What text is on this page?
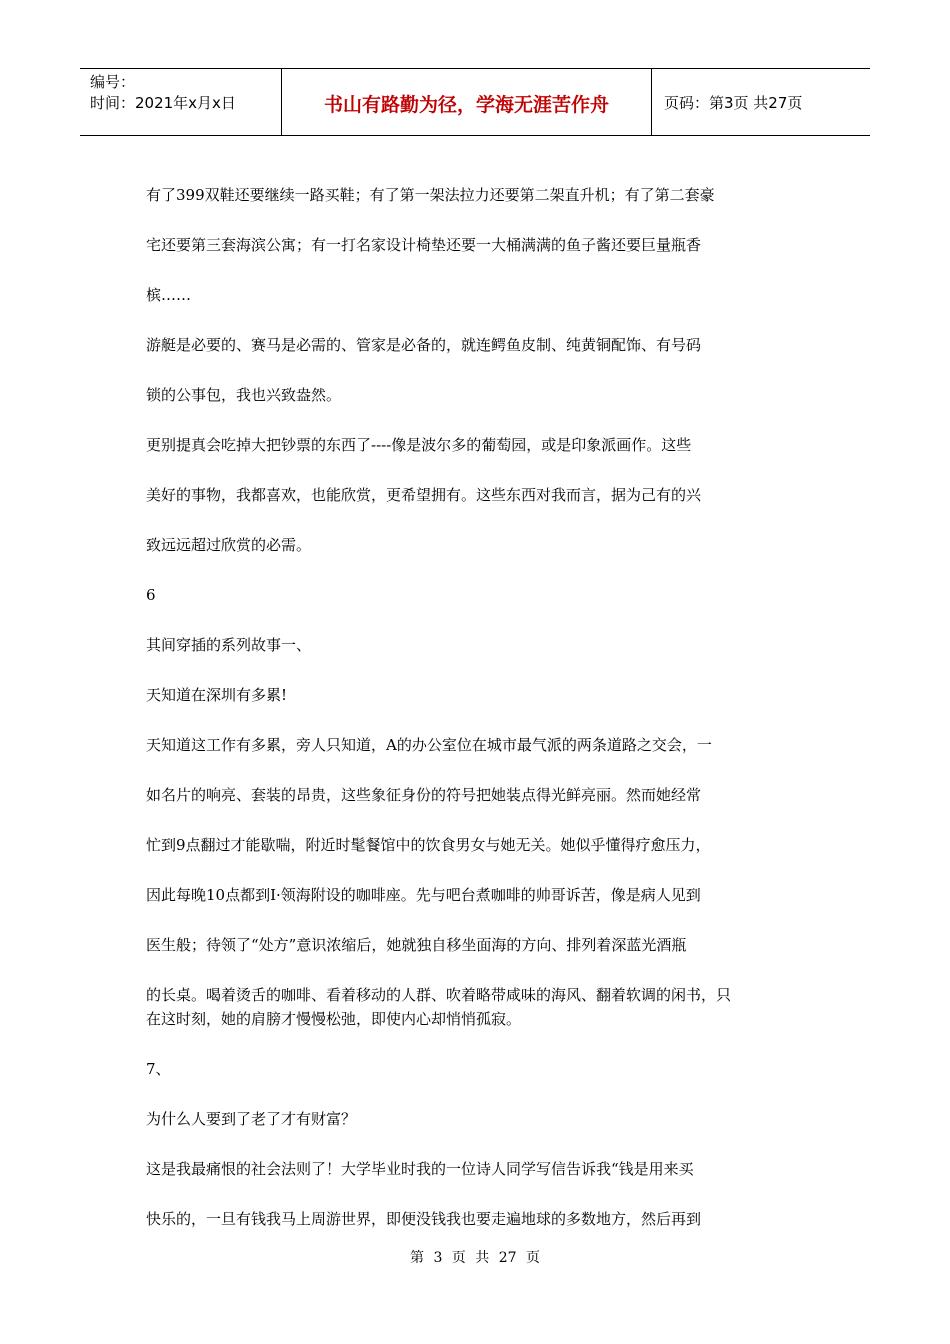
编号：
时间：2021年x月x日	书山有路勤为径，学海无涯苦作舟	页码：第3页 共27页

有了399双鞋还要继续一路买鞋；有了第一架法拉力还要第二架直升机；有了第二套豪

宅还要第三套海滨公寓；有一打名家设计椅垫还要一大桶满满的鱼子酱还要巨量瓶香

槟……

游艇是必要的、赛马是必需的、管家是必备的，就连鳄鱼皮制、纯黄铜配饰、有号码

锁的公事包，我也兴致盎然。

更别提真会吃掉大把钞票的东西了----像是波尔多的葡萄园，或是印象派画作。这些

美好的事物，我都喜欢，也能欣赏，更希望拥有。这些东西对我而言，据为己有的兴

致远远超过欣赏的必需。

6

其间穿插的系列故事一、

天知道在深圳有多累!

天知道这工作有多累，旁人只知道，A的办公室位在城市最气派的两条道路之交会，一

如名片的响亮、套装的昂贵，这些象征身份的符号把她装点得光鲜亮丽。然而她经常

忙到9点翻过才能歇喘，附近时髦餐馆中的饮食男女与她无关。她似乎懂得疗愈压力，

因此每晚10点都到I·领海附设的咖啡座。先与吧台煮咖啡的帅哥诉苦，像是病人见到

医生般；待领了“处方”意识浓缩后，她就独自移坐面海的方向、排列着深蓝光酒瓶

的长桌。喝着烫舌的咖啡、看着移动的人群、吹着略带咸味的海风、翻着软调的闲书，只

在这时刻，她的肩膀才慢慢松弛，即使内心却悄悄孤寂。

7、

为什么人要到了老了才有财富？

这是我最痛恨的社会法则了！大学毕业时我的一位诗人同学写信告诉我“钱是用来买

快乐的，一旦有钱我马上周游世界，即便没钱我也要走遍地球的多数地方，然后再到

第 3 页 共 27 页
